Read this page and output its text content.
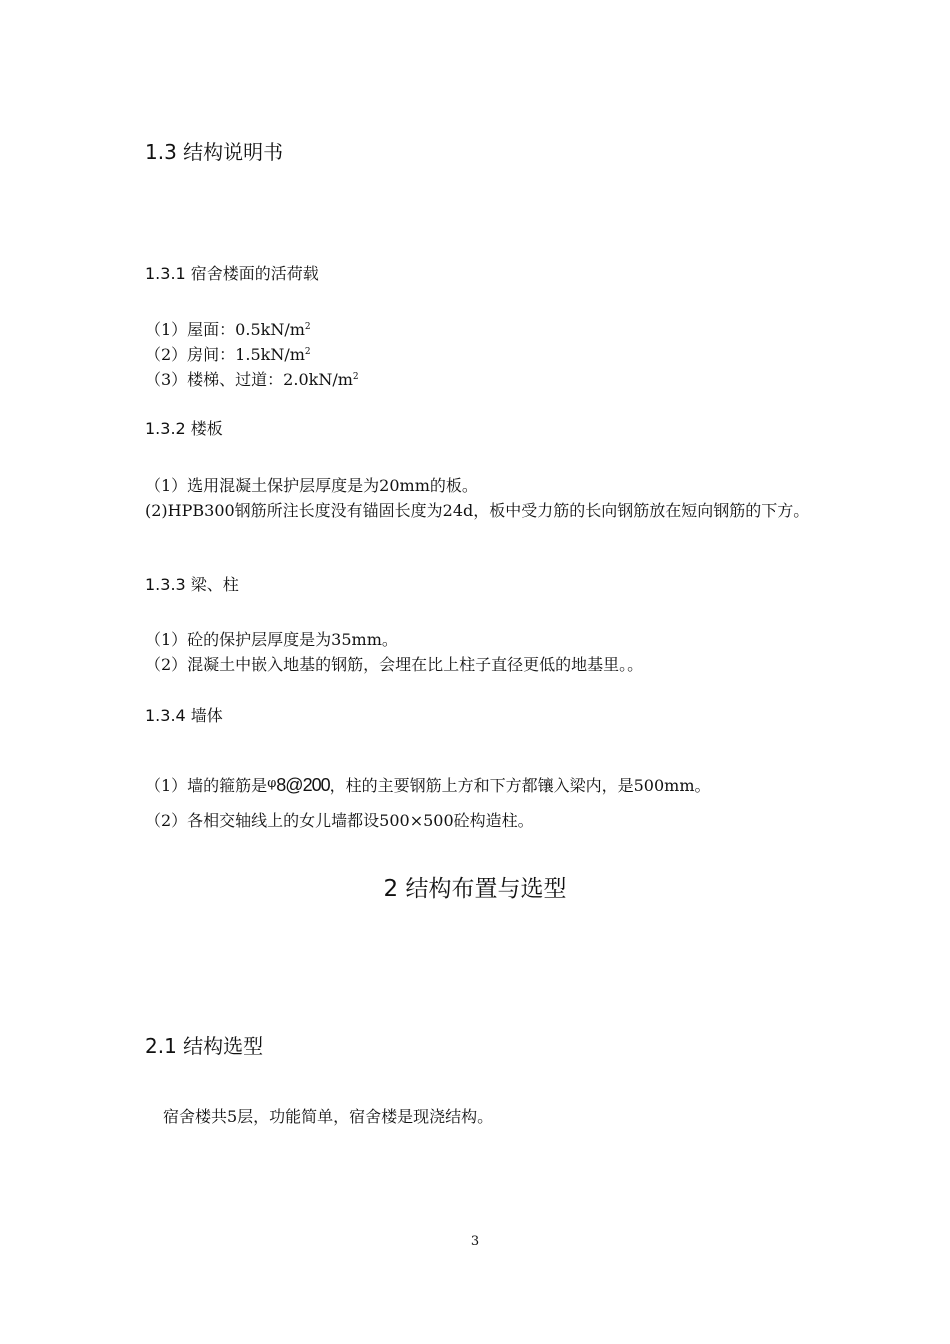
1.3 结构说明书
1.3.1 宿舍楼面的活荷载
（1）屋面：$0.5kN/m^2$
（2）房间：$1.5kN/m^2$
（3）楼梯、过道：$2.0kN/m^2$
1.3.2 楼板
（1）选用混凝土保护层厚度是为20mm的板。
(2)HPB300钢筋所注长度没有锚固长度为24d，板中受力筋的长向钢筋放在短向钢筋的下方。
1.3.3 梁、柱
（1）砼的保护层厚度是为35mm。
（2）混凝土中嵌入地基的钢筋，会埋在比上柱子直径更低的地基里。。
1.3.4 墙体
（1）墙的箍筋是$^\varphi$8@200，柱的主要钢筋上方和下方都镶入梁内，是500mm。
（2）各相交轴线上的女儿墙都设500×500砼构造柱。
2 结构布置与选型
2.1 结构选型
宿舍楼共5层，功能简单，宿舍楼是现浇结构。
3
